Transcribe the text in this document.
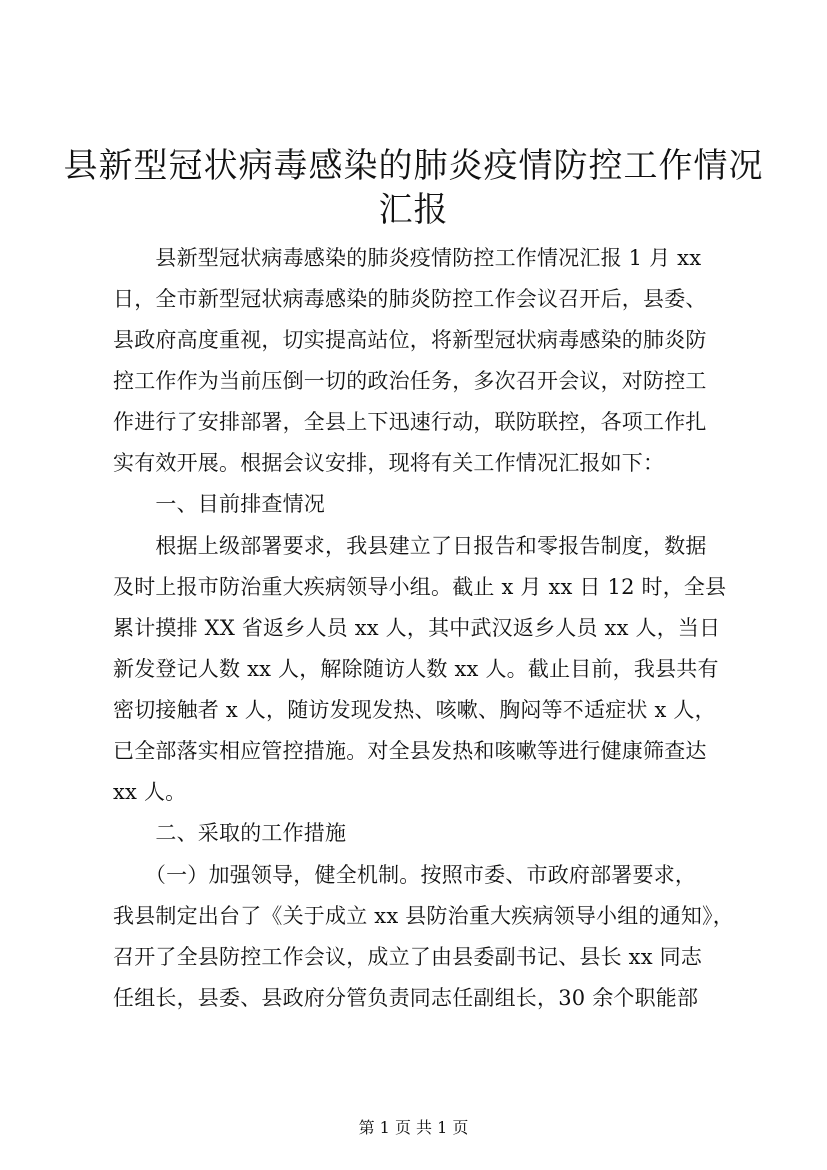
县新型冠状病毒感染的肺炎疫情防控工作情况
汇报
　　县新型冠状病毒感染的肺炎疫情防控工作情况汇报 1 月 xx
日，全市新型冠状病毒感染的肺炎防控工作会议召开后，县委、
县政府高度重视，切实提高站位，将新型冠状病毒感染的肺炎防
控工作作为当前压倒一切的政治任务，多次召开会议，对防控工
作进行了安排部署，全县上下迅速行动，联防联控，各项工作扎
实有效开展。根据会议安排，现将有关工作情况汇报如下：
　　一、目前排查情况
　　根据上级部署要求，我县建立了日报告和零报告制度，数据
及时上报市防治重大疾病领导小组。截止 x 月 xx 日 12 时，全县
累计摸排 XX 省返乡人员 xx 人，其中武汉返乡人员 xx 人，当日
新发登记人数 xx 人，解除随访人数 xx 人。截止目前，我县共有
密切接触者 x 人，随访发现发热、咳嗽、胸闷等不适症状 x 人，
已全部落实相应管控措施。对全县发热和咳嗽等进行健康筛查达
xx 人。
　　二、采取的工作措施
　　（一）加强领导，健全机制。按照市委、市政府部署要求，
我县制定出台了《关于成立 xx 县防治重大疾病领导小组的通知》，
召开了全县防控工作会议，成立了由县委副书记、县长 xx 同志
任组长，县委、县政府分管负责同志任副组长，30 余个职能部
第 1 页 共 1 页
